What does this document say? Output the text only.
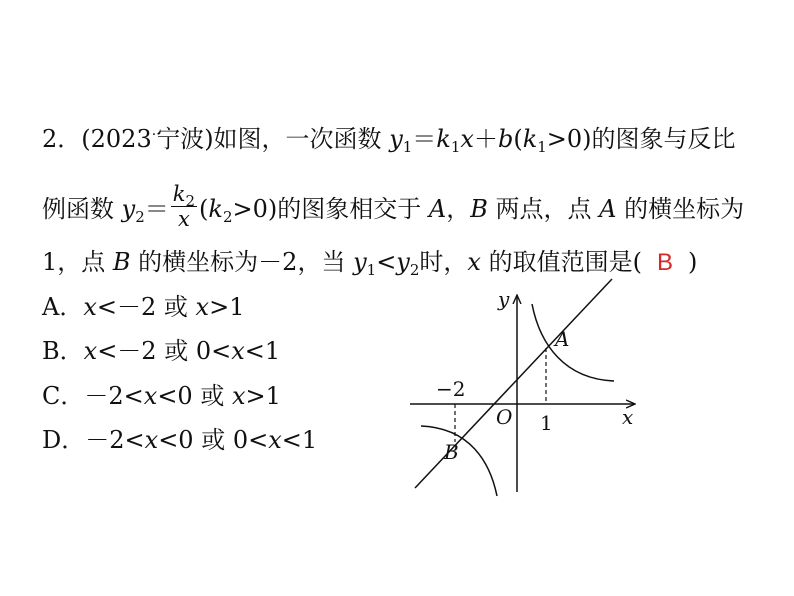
2．(2023·宁波)如图，一次函数 $y_1=k_1x+b(k_1>0)$的图象与反比
例函数 $y_2= \frac{k_2}{x} (k_2>0)$的图象相交于 A，B 两点，点 A 的横坐标为
1，点 B 的横坐标为－2，当 $y_1<y_2$时，x 的取值范围是( B )
A．x<－2 或 x>1
B．x<－2 或 0<x<1
C．－2<x<0 或 x>1
D．－2<x<0 或 0<x<1
y
x
O
−2
1
A
B
